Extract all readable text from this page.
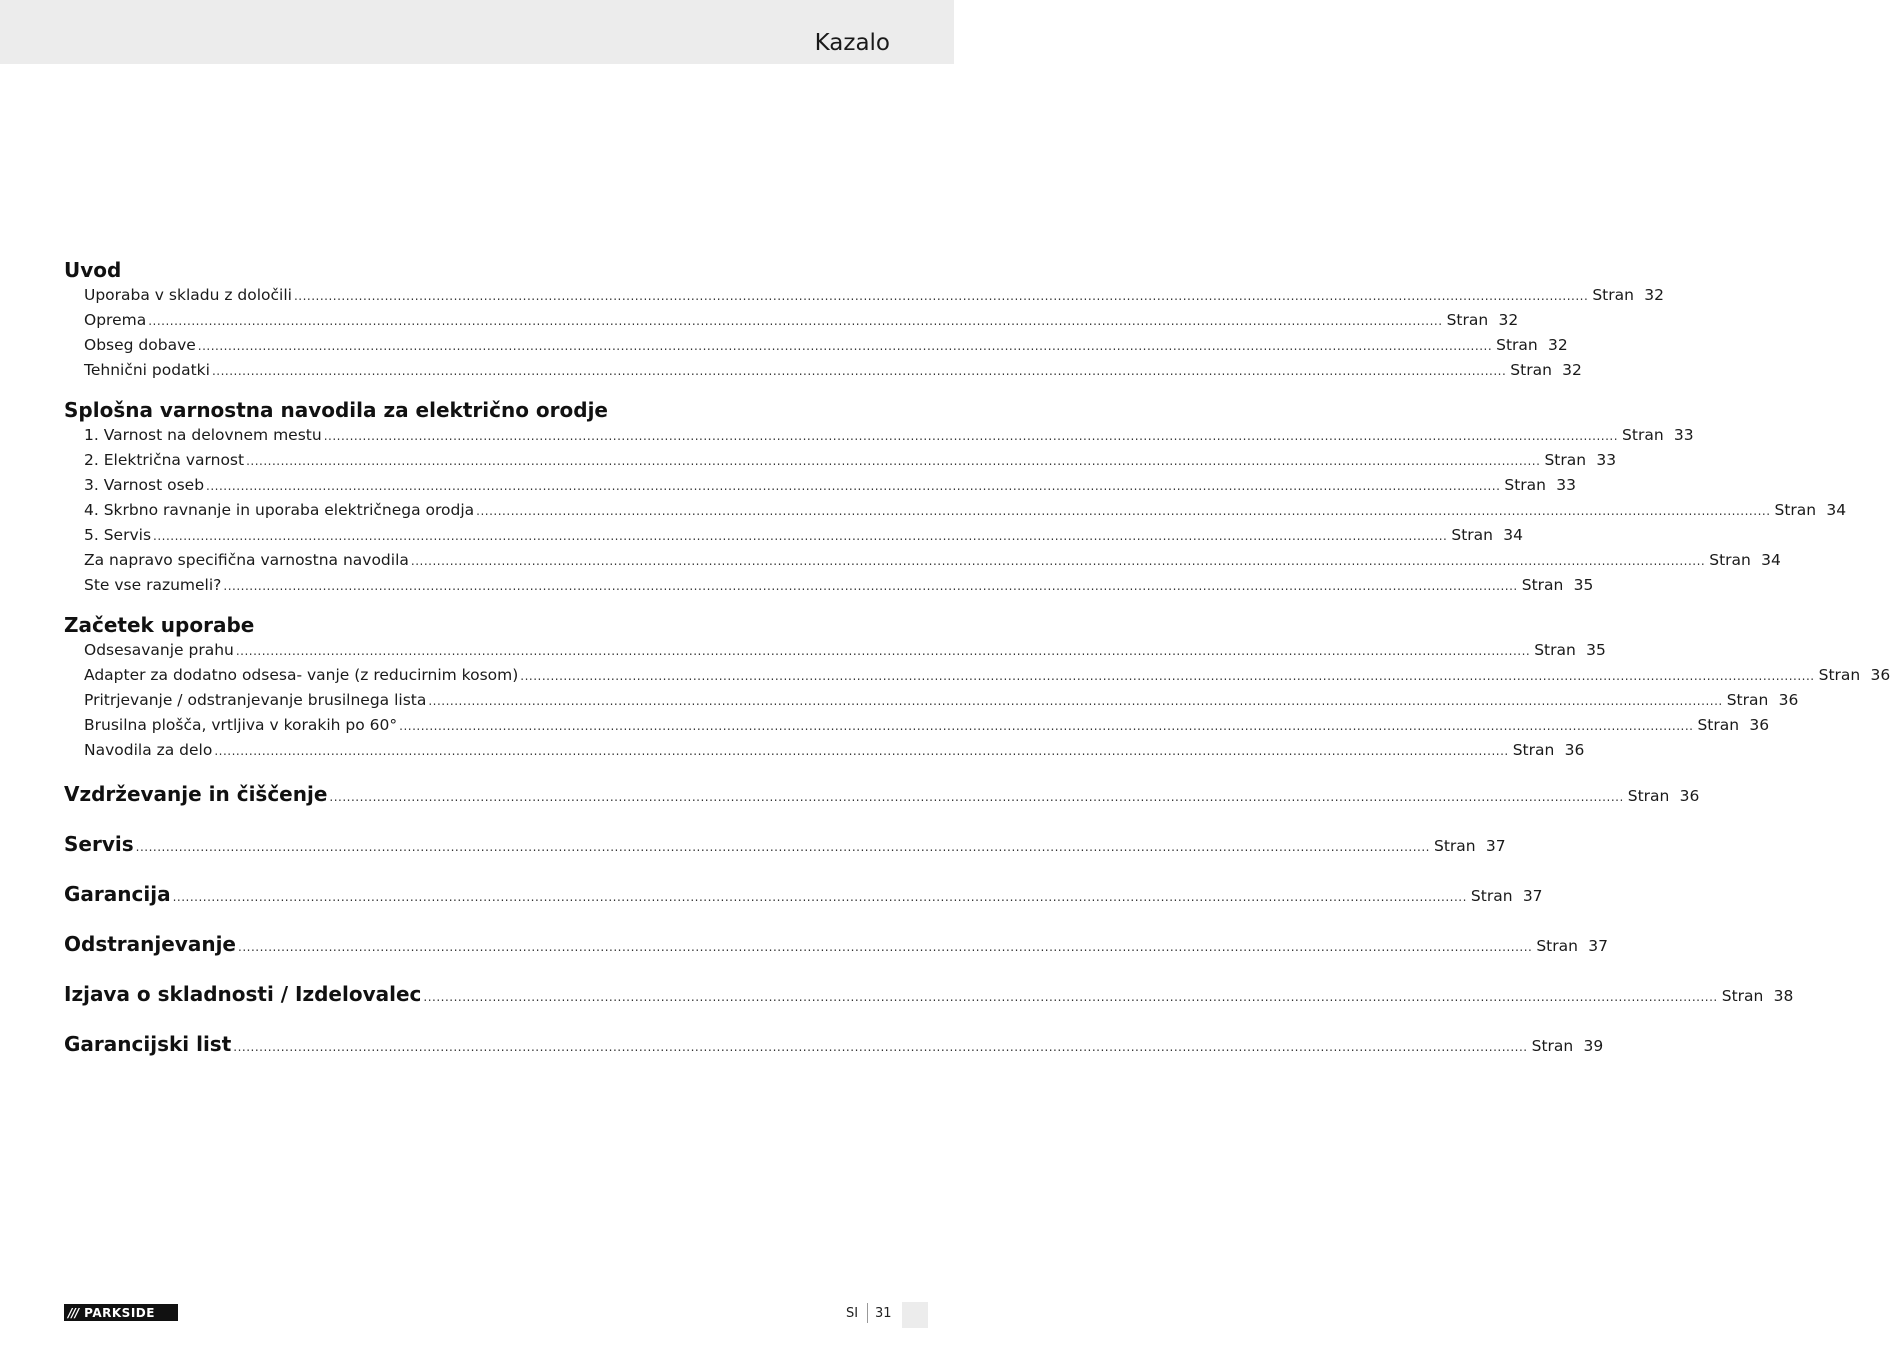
Kazalo
Uvod
Uporaba v skladu z določili ............................................................................................................................................................................................................................................................................................................ Stran 32
Oprema ............................................................................................................................................................................................................................................................................................................ Stran 32
Obseg dobave ............................................................................................................................................................................................................................................................................................................ Stran 32
Tehnični podatki ............................................................................................................................................................................................................................................................................................................ Stran 32
Splošna varnostna navodila za električno orodje
1. Varnost na delovnem mestu ............................................................................................................................................................................................................................................................................................................ Stran 33
2. Električna varnost ............................................................................................................................................................................................................................................................................................................ Stran 33
3. Varnost oseb ............................................................................................................................................................................................................................................................................................................ Stran 33
4. Skrbno ravnanje in uporaba električnega orodja ............................................................................................................................................................................................................................................................................................................ Stran 34
5. Servis ............................................................................................................................................................................................................................................................................................................ Stran 34
Za napravo specifična varnostna navodila ............................................................................................................................................................................................................................................................................................................ Stran 34
Ste vse razumeli? ............................................................................................................................................................................................................................................................................................................ Stran 35
Začetek uporabe
Odsesavanje prahu ............................................................................................................................................................................................................................................................................................................ Stran 35
Adapter za dodatno odsesa- vanje (z reducirnim kosom) ............................................................................................................................................................................................................................................................................................................ Stran 36
Pritrjevanje / odstranjevanje brusilnega lista ............................................................................................................................................................................................................................................................................................................ Stran 36
Brusilna plošča, vrtljiva v korakih po 60° ............................................................................................................................................................................................................................................................................................................ Stran 36
Navodila za delo ............................................................................................................................................................................................................................................................................................................ Stran 36
Vzdrževanje in čiščenje ............................................................................................................................................................................................................................................................................................................ Stran 36
Servis ............................................................................................................................................................................................................................................................................................................ Stran 37
Garancija ............................................................................................................................................................................................................................................................................................................ Stran 37
Odstranjevanje ............................................................................................................................................................................................................................................................................................................ Stran 37
Izjava o skladnosti / Izdelovalec ............................................................................................................................................................................................................................................................................................................ Stran 38
Garancijski list ............................................................................................................................................................................................................................................................................................................ Stran 39
/// PARKSIDE	SI 31
